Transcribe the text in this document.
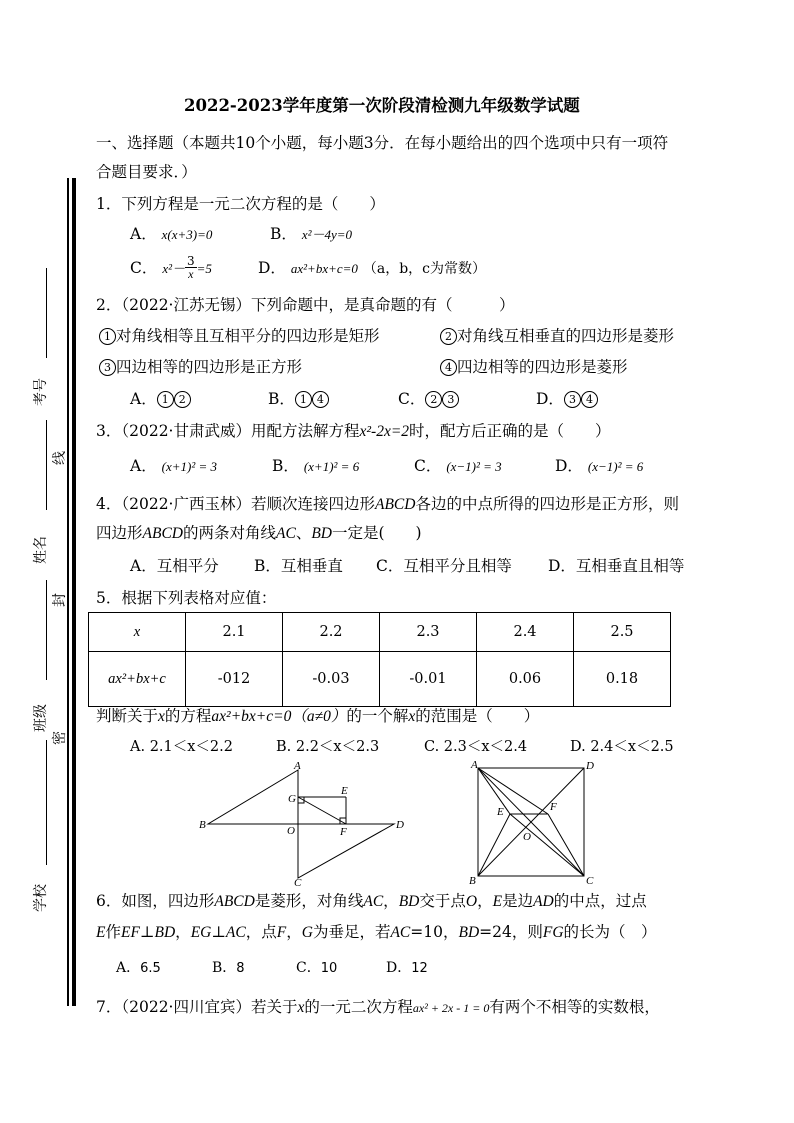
考号
姓名
班级
学校
线
封
密
2022-2023学年度第一次阶段清检测九年级数学试题
一、选择题（本题共10个小题，每小题3分．在每小题给出的四个选项中只有一项符
合题目要求．）
1．下列方程是一元二次方程的是（　　）
A． x(x+3)=0	B． x²－4y=0
C． $x^2- \frac{3}{x} =5$	D． ax²+bx+c=0 （a，b，c为常数）
2．（2022·江苏无锡）下列命题中，是真命题的有（　　　）
1 对角线相等且互相平分的四边形是矩形	2 对角线互相垂直的四边形是菱形
3 四边相等的四边形是正方形	4 四边相等的四边形是菱形
A． 1 2	B． 1 4	C． 2 3	D． 3 4
3．（2022·甘肃武威）用配方法解方程x²-2x=2时，配方后正确的是（　　）
A． (x+1)² = 3	B． (x+1)² = 6	C． (x−1)² = 3	D． (x−1)² = 6
4．（2022·广西玉林）若顺次连接四边形ABCD各边的中点所得的四边形是正方形，则
四边形ABCD的两条对角线AC、BD一定是(　　)
A．互相平分 B．互相垂直 C．互相平分且相等 D．互相垂直且相等
5．根据下列表格对应值：
x	2.1	2.2	2.3	2.4	2.5
ax²+bx+c	-012	-0.03	-0.01	0.06	0.18
判断关于x的方程ax²+bx+c=0（a≠0）的一个解x的范围是（　　）
A. 2.1＜x＜2.2	B. 2.2＜x＜2.3	C. 2.3＜x＜2.4	D. 2.4＜x＜2.5
A
B
C
D
O
E
F
G
A
B	C
D
E	F
O
6．如图，四边形ABCD是菱形，对角线AC，BD交于点O，E是边AD的中点，过点
E作EF⊥BD，EG⊥AC，点F，G为垂足，若AC=10，BD=24，则FG的长为（　）
A．6.5	B．8	C．10	D．12
7．（2022·四川宜宾）若关于x的一元二次方程ax² + 2x - 1 = 0有两个不相等的实数根，
